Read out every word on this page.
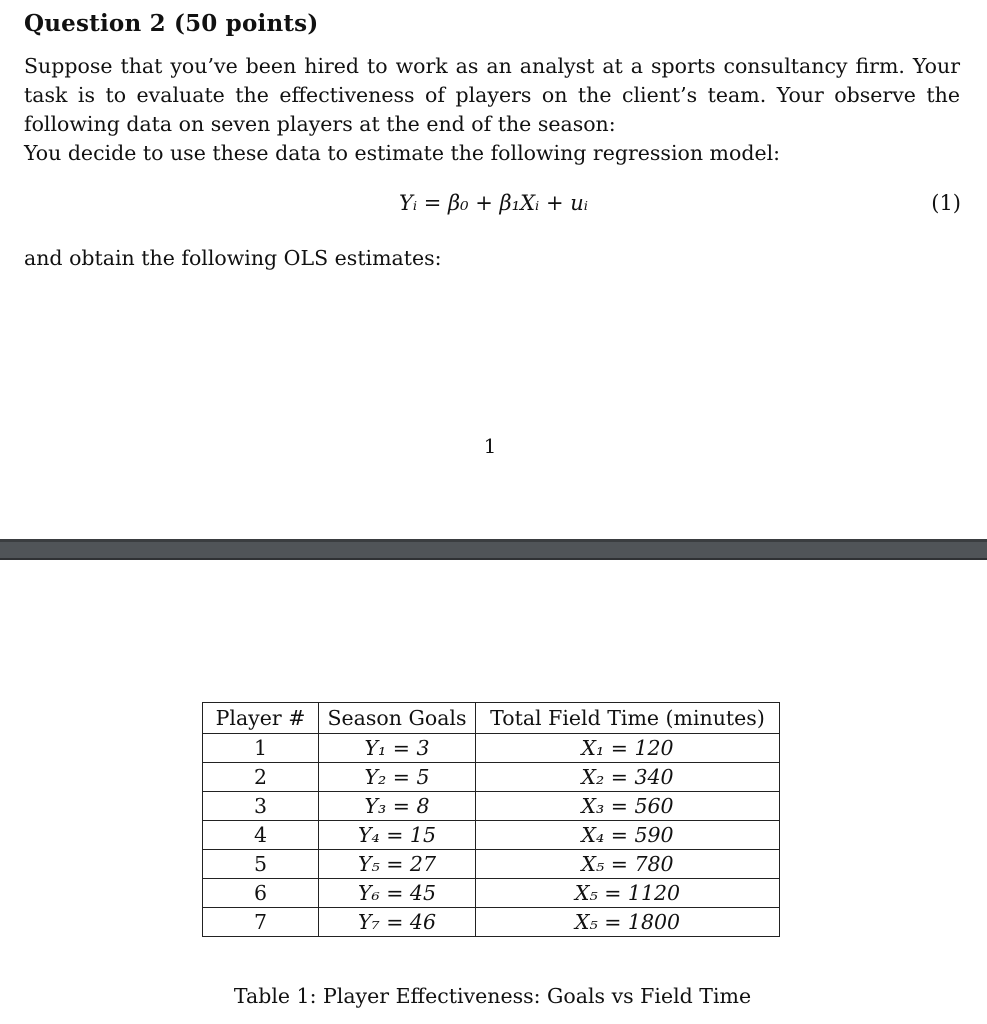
Question 2 (50 points)
Suppose that you’ve been hired to work as an analyst at a sports consultancy firm. Your task is to evaluate the effectiveness of players on the client’s team. Your observe the following data on seven players at the end of the season:
You decide to use these data to estimate the following regression model:
Yᵢ = β₀ + β₁Xᵢ + uᵢ	(1)
and obtain the following OLS estimates:
1
Player #	Season Goals	Total Field Time (minutes)
1	Y₁ = 3	X₁ = 120
2	Y₂ = 5	X₂ = 340
3	Y₃ = 8	X₃ = 560
4	Y₄ = 15	X₄ = 590
5	Y₅ = 27	X₅ = 780
6	Y₆ = 45	X₅ = 1120
7	Y₇ = 46	X₅ = 1800
Table 1: Player Effectiveness: Goals vs Field Time
